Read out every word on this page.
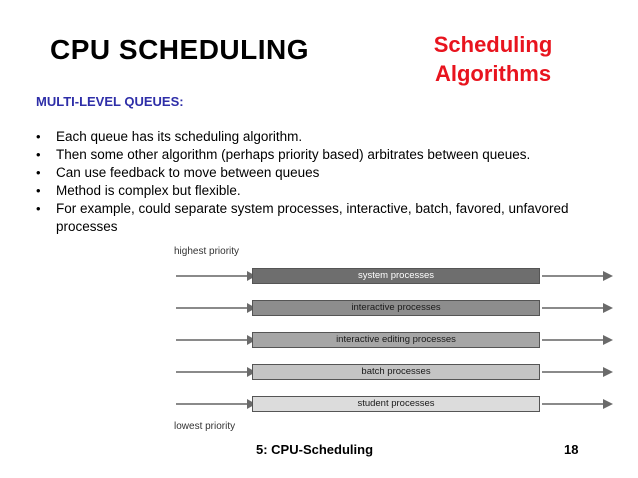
CPU SCHEDULING	Scheduling
Algorithms
MULTI-LEVEL QUEUES:
• Each queue has its scheduling algorithm.
• Then some other algorithm (perhaps priority based) arbitrates between queues.
• Can use feedback to move between queues
• Method is complex but flexible.
• For example, could separate system processes, interactive, batch, favored, unfavored processes
highest priority
system processes
interactive processes
interactive editing processes
batch processes
student processes
lowest priority
5: CPU-Scheduling	18
